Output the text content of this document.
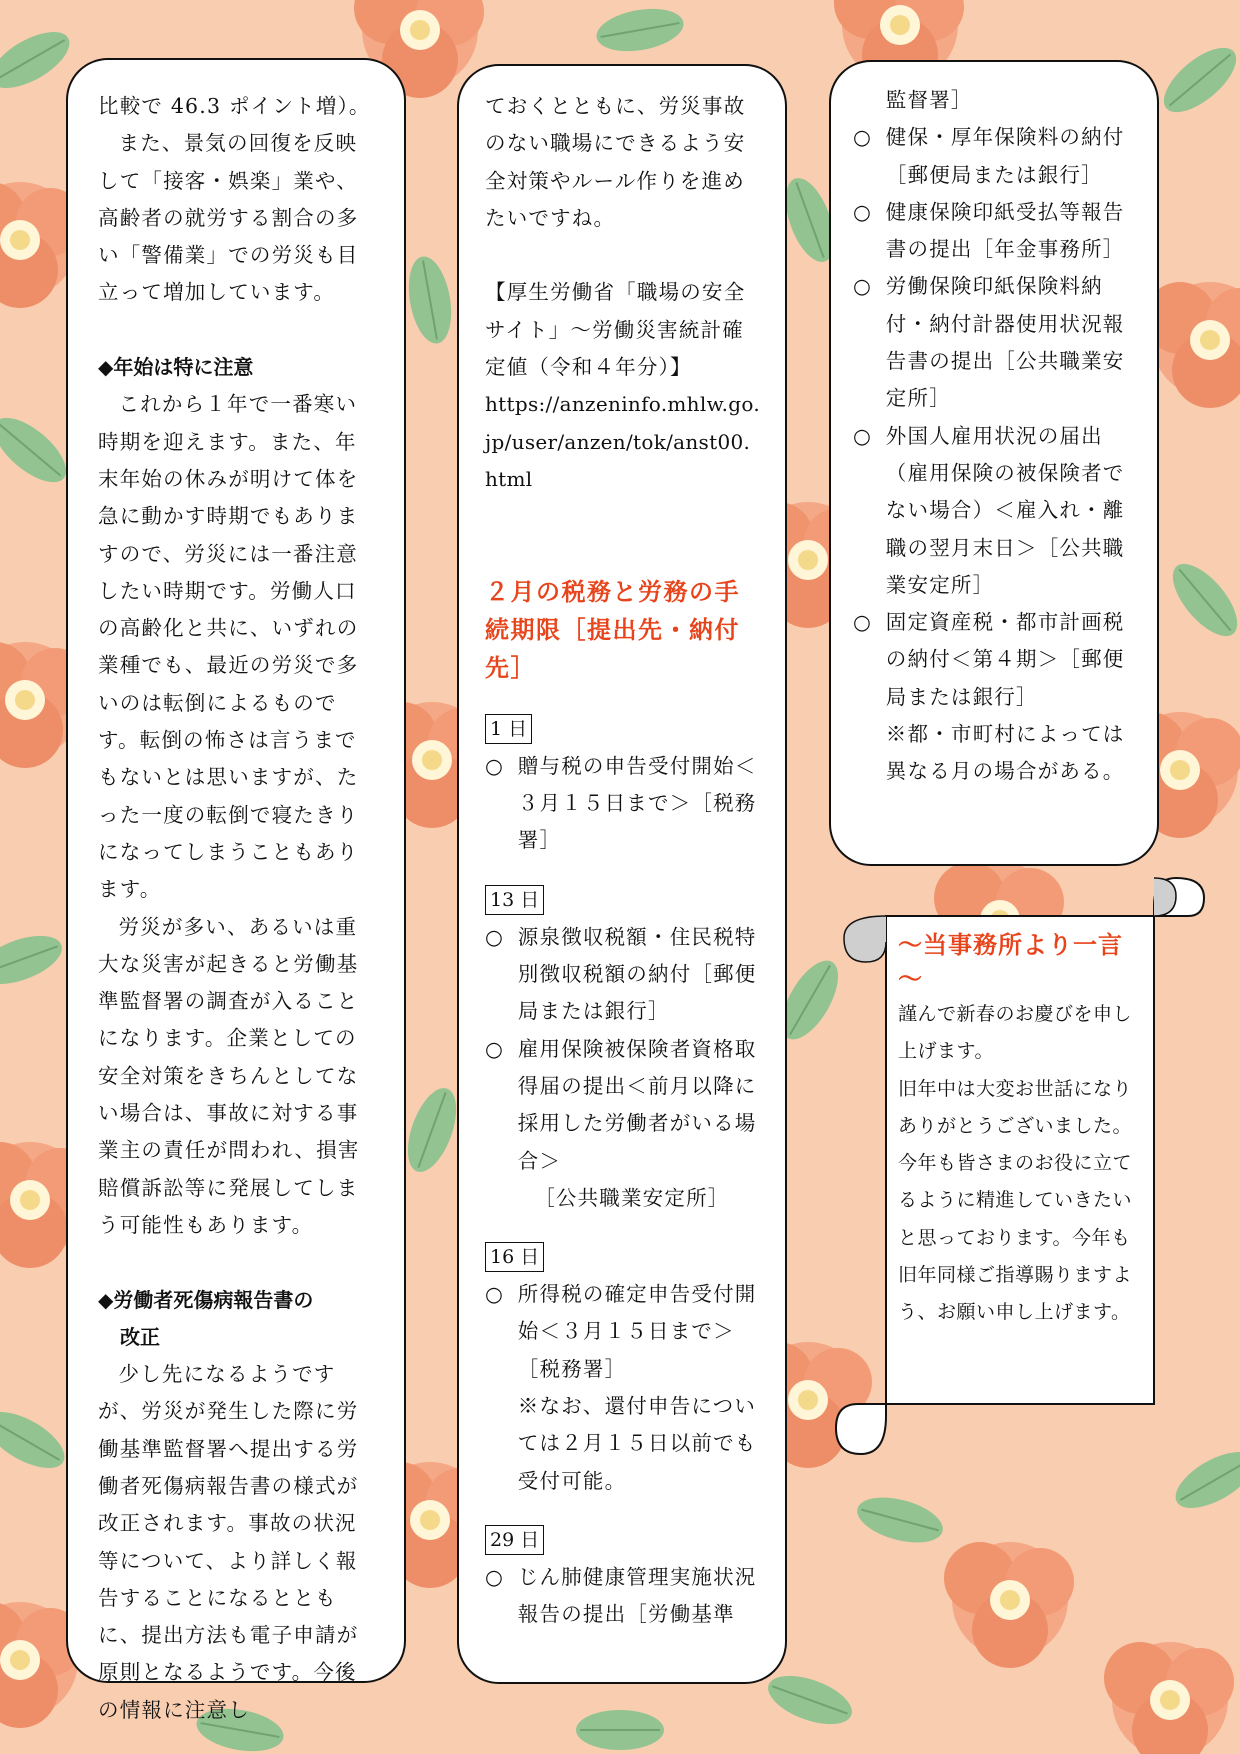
比較で 46.3 ポイント増）。

また、景気の回復を反映して「接客・娯楽」業や、高齢者の就労する割合の多い「警備業」での労災も目立って増加しています。

◆年始は特に注意

これから１年で一番寒い時期を迎えます。また、年末年始の休みが明けて体を急に動かす時期でもありますので、労災には一番注意したい時期です。労働人口の高齢化と共に、いずれの業種でも、最近の労災で多いのは転倒によるものです。転倒の怖さは言うまでもないとは思いますが、たった一度の転倒で寝たきりになってしまうこともあります。

労災が多い、あるいは重大な災害が起きると労働基準監督署の調査が入ることになります。企業としての安全対策をきちんとしてない場合は、事故に対する事業主の責任が問われ、損害賠償訴訟等に発展してしまう可能性もあります。

◆労働者死傷病報告書の

改正

少し先になるようですが、労災が発生した際に労働基準監督署へ提出する労働者死傷病報告書の様式が改正されます。事故の状況等について、より詳しく報告することになるとともに、提出方法も電子申請が原則となるようです。今後の情報に注意し

ておくとともに、労災事故のない職場にできるよう安全対策やルール作りを進めたいですね。

【厚生労働省「職場の安全サイト」～労働災害統計確定値（令和４年分）】

https://anzeninfo.mhlw.go.jp/user/anzen/tok/anst00.html

２月の税務と労務の手続期限［提出先・納付先］

1 日
○ 贈与税の申告受付開始＜３月１５日まで＞［税務署］
13 日
○ 源泉徴収税額・住民税特別徴収税額の納付［郵便局または銀行］
○ 雇用保険被保険者資格取得届の提出＜前月以降に採用した労働者がいる場合＞

［公共職業安定所］

16 日
○ 所得税の確定申告受付開始＜３月１５日まで＞［税務署］

※なお、還付申告については２月１５日以前でも受付可能。

29 日
○ じん肺健康管理実施状況報告の提出［労働基準

監督署］

○ 健保・厚年保険料の納付［郵便局または銀行］
○ 健康保険印紙受払等報告書の提出［年金事務所］
○ 労働保険印紙保険料納付・納付計器使用状況報告書の提出［公共職業安定所］
○ 外国人雇用状況の届出（雇用保険の被保険者でない場合）＜雇入れ・離職の翌月末日＞［公共職業安定所］
○ 固定資産税・都市計画税の納付＜第４期＞［郵便局または銀行］

※都・市町村によっては異なる月の場合がある。

～当事務所より一言～

謹んで新春のお慶びを申し上げます。

旧年中は大変お世話になりありがとうございました。

今年も皆さまのお役に立てるように精進していきたいと思っております。今年も旧年同様ご指導賜りますよう、お願い申し上げます。
